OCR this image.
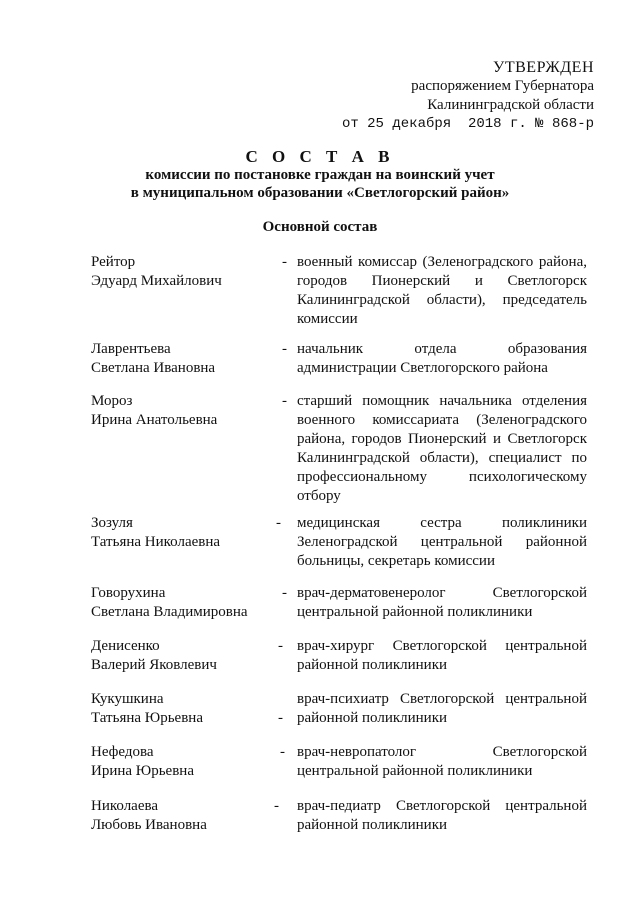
УТВЕРЖДЕН
распоряжением Губернатора
Калининградской области
от 25 декабря  2018 г. № 868-р
С О С Т А В
комиссии по постановке граждан на воинский учет
в муниципальном образовании «Светлогорский район»
Основной состав
Рейтор
Эдуард Михайлович
- военный комиссар (Зеленоградского района, городов Пионерский и Светлогорск Калининградской области), председатель комиссии
Лаврентьева
Светлана Ивановна
- начальник отдела образования администрации Светлогорского района
Мороз
Ирина Анатольевна
- старший помощник начальника отделения военного комиссариата (Зеленоградского района, городов Пионерский и Светлогорск Калининградской области), специалист по профессиональному психологическому отбору
Зозуля
Татьяна Николаевна
- медицинская сестра поликлиники Зеленоградской центральной районной больницы, секретарь комиссии
Говорухина
Светлана Владимировна
- врач-дерматовенеролог Светлогорской центральной районной поликлиники
Денисенко
Валерий Яковлевич
- врач-хирург Светлогорской центральной районной поликлиники
Кукушкина
Татьяна Юрьевна	-
врач-психиатр Светлогорской центральной районной поликлиники
Нефедова
Ирина Юрьевна
- врач-невропатолог Светлогорской центральной районной поликлиники
Николаева
Любовь Ивановна
- врач-педиатр Светлогорской центральной районной поликлиники
